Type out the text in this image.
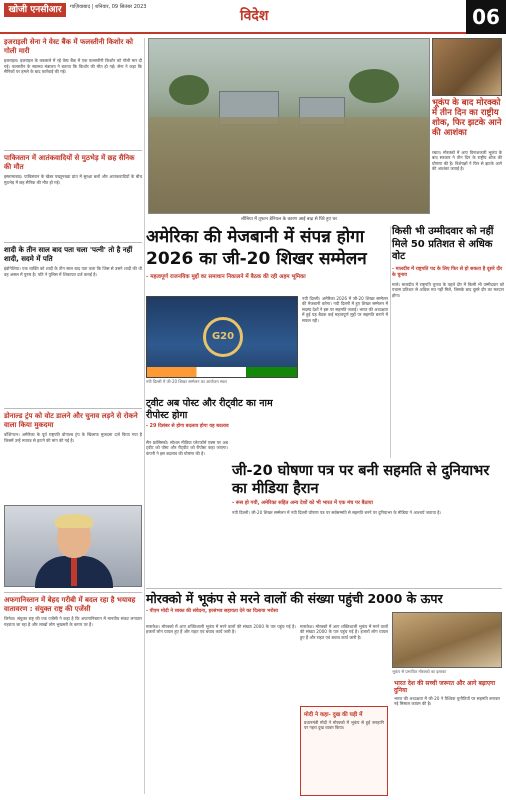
खोजी एनसीआर	गाज़ियाबाद | शनिवार, 09 सितंबर 2023
विदेश	06
इजराइली सेना ने वेस्ट बैंक में फलस्तीनी किशोर को गोली मारी
इजराइल। इजराइल के कब्जाले में रहे वेस्ट बैंक में एक फलस्तीनी किशोर को गोली मार दी गई। फलस्तीन के स्वास्थ्य मंत्रालय ने बताया कि किशोर की मौत हो गई। सेना ने कहा कि सैनिकों पर हमले के बाद कार्रवाई की गई।
पाकिस्तान में आतंकवादियों से मुठभेड़ में छह सैनिक की मौत
इस्लामाबाद। पाकिस्तान के खैबर पख्तूनख्वा प्रांत में सुरक्षा बलों और आतंकवादियों के बीच मुठभेड़ में छह सैनिक की मौत हो गई।
शादी के तीन साल बाद पता चला 'पत्नी' तो है नहीं शादी, सदमे में पति
इंडोनेशिया। एक व्यक्ति को शादी के तीन साल बाद पता चला कि जिस से उसने शादी की थी वह असल में पुरुष है। पति ने पुलिस में शिकायत दर्ज कराई है।
डोनाल्ड ट्रंप को वोट डालने और चुनाव लड़ने से रोकने वाला किया मुकदमा
वॉशिंगटन। अमेरिका के पूर्व राष्ट्रपति डोनाल्ड ट्रंप के खिलाफ मुकदमा दर्ज किया गया है जिसमें उन्हें मतपत्र से हटाने की मांग की गई है।
अफगानिस्तान में बेहद गरीबी में बदल रहा है भयावह वातावरण : संयुक्त राष्ट्र की एजेंसी
जिनेवा। संयुक्त राष्ट्र की एक एजेंसी ने कहा है कि अफगानिस्तान में मानवीय संकट लगातार गहराता जा रहा है और लाखों लोग भुखमरी के कगार पर हैं।
लीबिया में तूफान डेनियल के कारण आई बाढ़ से घिरे हुए घर
भूकंप के बाद मोरक्को में तीन दिन का राष्ट्रीय शोक, फिर झटके आने की आशंका
रबात। मोरक्को में आए विनाशकारी भूकंप के बाद सरकार ने तीन दिन के राष्ट्रीय शोक की घोषणा की है। विशेषज्ञों ने फिर से झटके आने की आशंका जताई है।
अमेरिका की मेजबानी में संपन्न होगा 2026 का जी-20 शिखर सम्मेलन
- महत्वपूर्ण राजनयिक मुद्दों का समाधान निकालने में बैठक की रही अहम भूमिका
G20
नयी दिल्ली में जी-20 शिखर सम्मेलन का आयोजन स्थल
नयी दिल्ली। अमेरिका 2026 में जी-20 शिखर सम्मेलन की मेजबानी करेगा। नयी दिल्ली में हुए शिखर सम्मेलन में सदस्य देशों ने इस पर सहमति जताई। भारत की अध्यक्षता में हुई यह बैठक कई महत्वपूर्ण मुद्दों पर सहमति बनाने में सफल रही।
किसी भी उम्मीदवार को नहीं मिले 50 प्रतिशत से अधिक वोट
- मालदीव में राष्ट्रपति पद के लिए फिर से हो सकता है दूसरे दौर के चुनाव
माले। मालदीव में राष्ट्रपति चुनाव के पहले दौर में किसी भी उम्मीदवार को पचास प्रतिशत से अधिक मत नहीं मिले, जिसके बाद दूसरे दौर का मतदान होगा।
ट्वीट अब पोस्ट और रीट्वीट का नाम रीपोस्ट होगा
- 29 दिसंबर से होगा बदलाव होगा यह बदलाव
सैन फ्रांसिस्को। सोशल मीडिया प्लेटफॉर्म एक्स पर अब ट्वीट को पोस्ट और रीट्वीट को रीपोस्ट कहा जाएगा। कंपनी ने इस बदलाव की घोषणा की है।
जी-20 घोषणा पत्र पर बनी सहमति से दुनियाभर का मीडिया हैरान
- रूस हो गयी, अमेरिका सहित अन्य देशों को भी भारत में एक मंच पर बैठाया
नयी दिल्ली। जी-20 शिखर सम्मेलन में नयी दिल्ली घोषणा पत्र पर सर्वसम्मति से सहमति बनने पर दुनियाभर के मीडिया ने आश्चर्य जताया है।
मोरक्को में भूकंप से मरने वालों की संख्या पहुंची 2000 के ऊपर
- पीएम मोदी ने व्यक्त की संवेदना, हरसंभव सहायता देने का दिलाया भरोसा
माराकेश। मोरक्को में आए शक्तिशाली भूकंप में मरने वालों की संख्या 2000 के पार पहुंच गई है। हजारों लोग घायल हुए हैं और राहत एवं बचाव कार्य जारी है।
माराकेश। मोरक्को में आए शक्तिशाली भूकंप में मरने वालों की संख्या 2000 के पार पहुंच गई है। हजारों लोग घायल हुए हैं और राहत एवं बचाव कार्य जारी है।
भूकंप से प्रभावित मोरक्को का इलाका
मोदी ने कहा- दुख की घड़ी में
प्रधानमंत्री मोदी ने मोरक्को में भूकंप से हुई जनहानि पर गहरा दुख व्यक्त किया।
भारत देश की सच्ची जरूरत और आगे बढ़ाएगा दुनिया
भारत की अध्यक्षता में जी-20 ने वैश्विक चुनौतियों पर सहमति बनाकर नई मिसाल कायम की है।
